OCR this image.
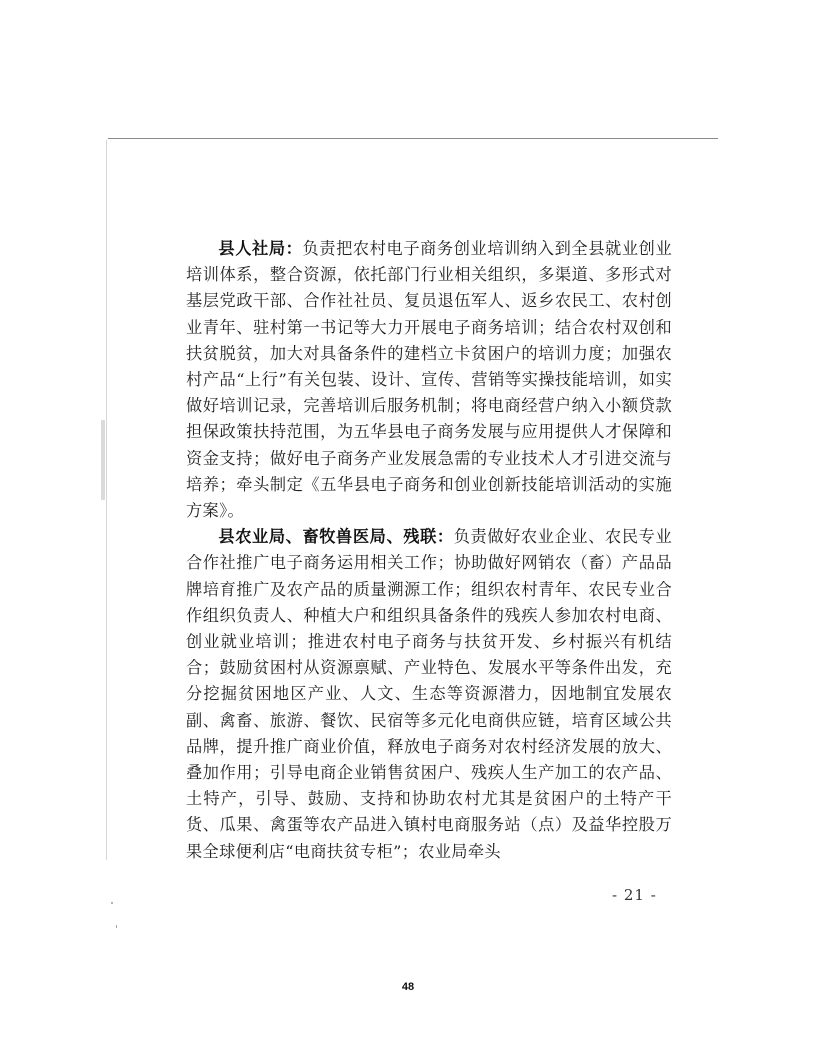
县人社局：负责把农村电子商务创业培训纳入到全县就业创业培训体系，整合资源，依托部门行业相关组织，多渠道、多形式对基层党政干部、合作社社员、复员退伍军人、返乡农民工、农村创业青年、驻村第一书记等大力开展电子商务培训；结合农村双创和扶贫脱贫，加大对具备条件的建档立卡贫困户的培训力度；加强农村产品“上行”有关包装、设计、宣传、营销等实操技能培训，如实做好培训记录，完善培训后服务机制；将电商经营户纳入小额贷款担保政策扶持范围，为五华县电子商务发展与应用提供人才保障和资金支持；做好电子商务产业发展急需的专业技术人才引进交流与培养；牵头制定《五华县电子商务和创业创新技能培训活动的实施方案》。

县农业局、畜牧兽医局、残联：负责做好农业企业、农民专业合作社推广电子商务运用相关工作；协助做好网销农（畜）产品品牌培育推广及农产品的质量溯源工作；组织农村青年、农民专业合作组织负责人、种植大户和组织具备条件的残疾人参加农村电商、创业就业培训；推进农村电子商务与扶贫开发、乡村振兴有机结合；鼓励贫困村从资源禀赋、产业特色、发展水平等条件出发，充分挖掘贫困地区产业、人文、生态等资源潜力，因地制宜发展农副、禽畜、旅游、餐饮、民宿等多元化电商供应链，培育区域公共品牌，提升推广商业价值，释放电子商务对农村经济发展的放大、叠加作用；引导电商企业销售贫困户、残疾人生产加工的农产品、土特产，引导、鼓励、支持和协助农村尤其是贫困户的土特产干货、瓜果、禽蛋等农产品进入镇村电商服务站（点）及益华控股万果全球便利店“电商扶贫专柜”；农业局牵头

- 21 -
48
